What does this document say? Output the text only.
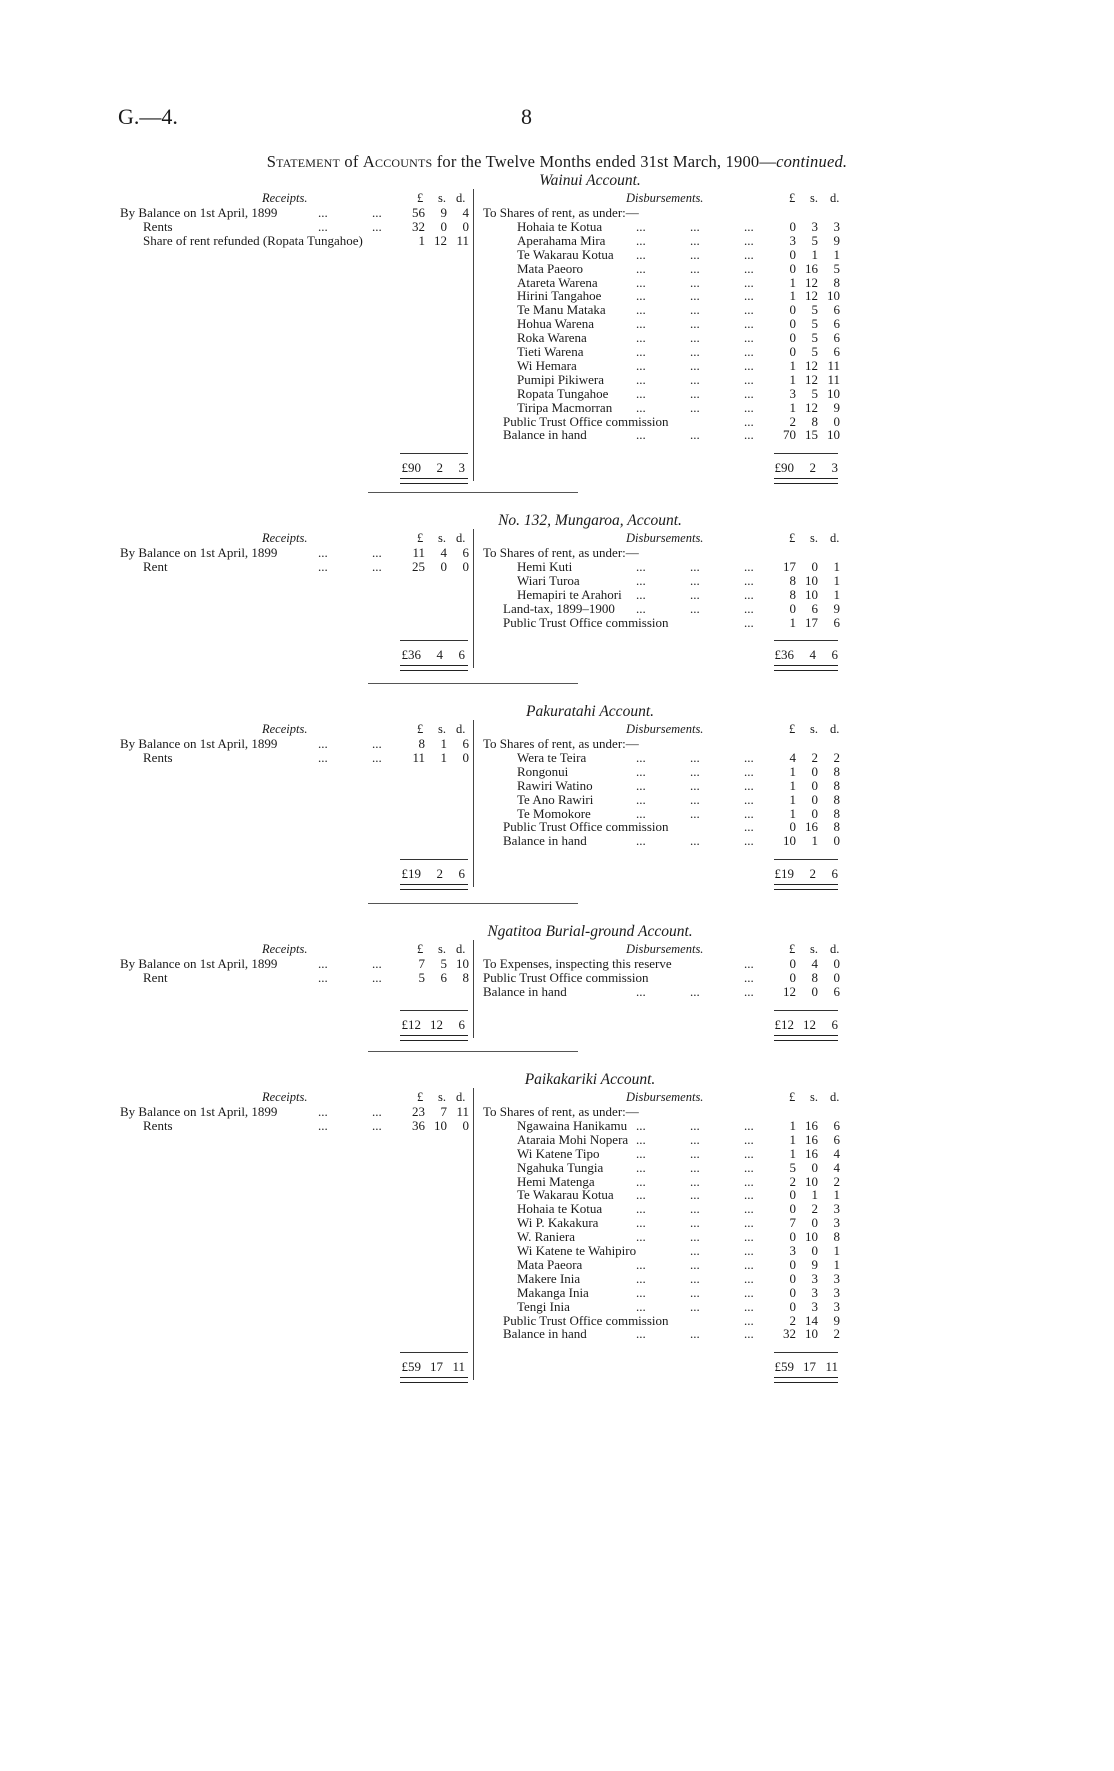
G.—4.	8
Statement of Accounts for the Twelve Months ended 31st March, 1900—continued.
Wainui Account.
Receipts.	£ s. d.	Disbursements.	£ s. d.
By Balance on 1st April, 1899	...	...	56	9	4
Rents	...	...	32	0	0
Share of rent refunded (Ropata Tungahoe)	1 12 11
To Shares of rent, as under:—
Hohaia te Kotua	...	...	...	0	3	3
Aperahama Mira ...	...	...	3	5	9
Te Wakarau Kotua ...	...	...	0	1	1
Mata Paeoro	...	...	...	0 16	5
Atareta Warena	...	...	...	1 12	8
Hirini Tangahoe	...	...	...	1 12 10
Te Manu Mataka ...	...	...	0	5	6
Hohua Warena	...	...	...	0	5	6
Roka Warena	...	...	...	0	5	6
Tieti Warena	...	...	...	0	5	6
Wi Hemara	...	...	...	1 12 11
Pumipi Pikiwera ...	...	...	1 12 11
Ropata Tungahoe ...	...	...	3	5 10
Tiripa Macmorran ...	...	...	1 12	9
Public Trust Office commission	...	2	8	0
Balance in hand	...	...	...	70 15 10
£90	2	3	£90	2	3
No. 132, Mungaroa, Account.
Receipts.	£ s. d.	Disbursements.	£ s. d.
By Balance on 1st April, 1899	...	...	11	4	6
Rent	...	...	25	0	0
To Shares of rent, as under:—
Hemi Kuti	...	...	...	17	0	1
Wiari Turoa	...	...	...	8 10	1
Hemapiri te Arahori ...	...	...	8 10	1
Land-tax, 1899–1900 ...	...	...	0	6	9
Public Trust Office commission	...	1 17	6
£36	4	6	£36	4	6
Pakuratahi Account.
Receipts.	£ s. d.	Disbursements.	£ s. d.
By Balance on 1st April, 1899	...	...	8	1	6
Rents	...	...	11	1	0
To Shares of rent, as under:—
Wera te Teira	...	...	...	4	2	2
Rongonui	...	...	...	1	0	8
Rawiri Watino	...	...	...	1	0	8
Te Ano Rawiri	...	...	...	1	0	8
Te Momokore	...	...	...	1	0	8
Public Trust Office commission	...	0 16	8
Balance in hand	...	...	...	10	1	0
£19	2	6	£19	2	6
Ngatitoa Burial-ground Account.
Receipts.	£ s. d.	Disbursements.	£ s. d.
By Balance on 1st April, 1899	...	...	7	5 10
Rent	...	...	5	6	8
To Expenses, inspecting this reserve	...	0	4	0
Public Trust Office commission	...	0	8	0
Balance in hand	...	...	...	12	0	6
£12 12	6	£12 12	6
Paikakariki Account.
Receipts.	£ s. d.	Disbursements.	£ s. d.
By Balance on 1st April, 1899	...	...	23	7 11
Rents	...	...	36 10	0
To Shares of rent, as under:—
Ngawaina Hanikamu ...	...	...	1 16	6
Ataraia Mohi Nopera ...	...	...	1 16	6
Wi Katene Tipo	...	...	...	1 16	4
Ngahuka Tungia	...	...	...	5	0	4
Hemi Matenga	...	...	...	2 10	2
Te Wakarau Kotua ...	...	...	0	1	1
Hohaia te Kotua	...	...	...	0	2	3
Wi P. Kakakura	...	...	...	7	0	3
W. Raniera	...	...	...	0 10	8
Wi Katene te Wahipiro	...	...	3	0	1
Mata Paeora	...	...	...	0	9	1
Makere Inia	...	...	...	0	3	3
Makanga Inia	...	...	...	0	3	3
Tengi Inia	...	...	...	0	3	3
Public Trust Office commission	...	2 14	9
Balance in hand	...	...	...	32 10	2
£59 17 11	£59 17 11
